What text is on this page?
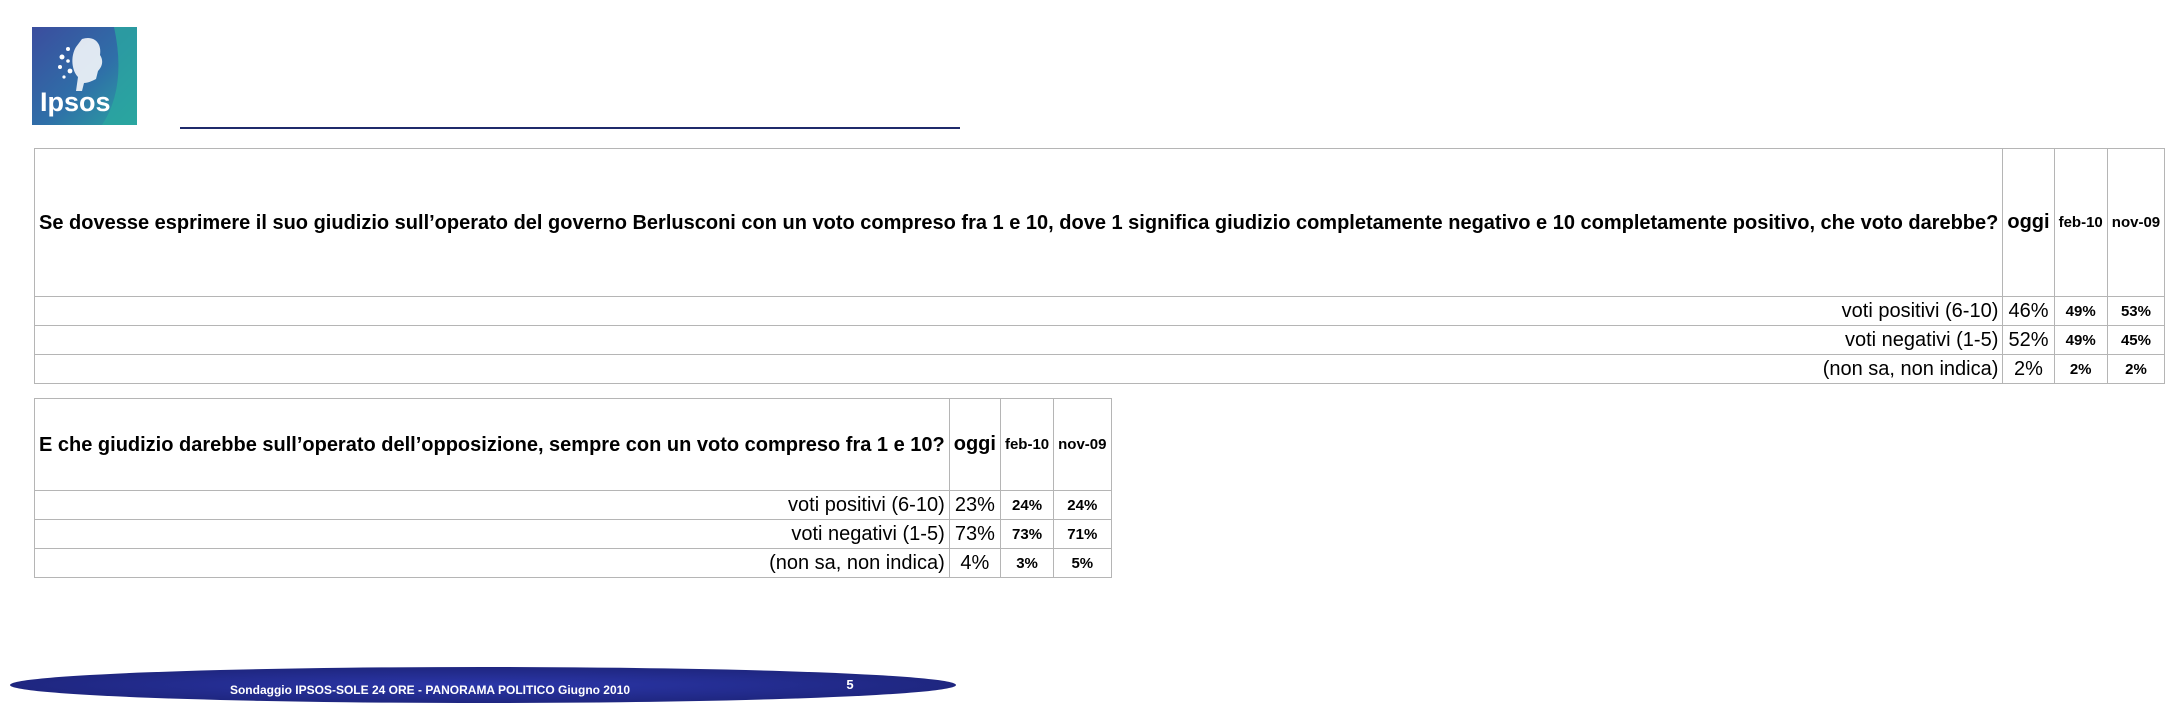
Ipsos
Se dovesse esprimere il suo giudizio sull’operato del governo Berlusconi con un voto compreso fra 1 e 10, dove 1 significa giudizio completamente negativo e 10 completamente positivo, che voto darebbe?	oggi	feb-10	nov-09
voti positivi (6-10)	46%	49%	53%
voti negativi (1-5)	52%	49%	45%
(non sa, non indica)	2%	2%	2%
E che giudizio darebbe sull’operato dell’opposizione, sempre con un voto compreso fra 1 e 10?	oggi	feb-10	nov-09
voti positivi (6-10)	23%	24%	24%
voti negativi (1-5)	73%	73%	71%
(non sa, non indica)	4%	3%	5%
Sondaggio IPSOS-SOLE 24 ORE - PANORAMA POLITICO Giugno 2010	5
